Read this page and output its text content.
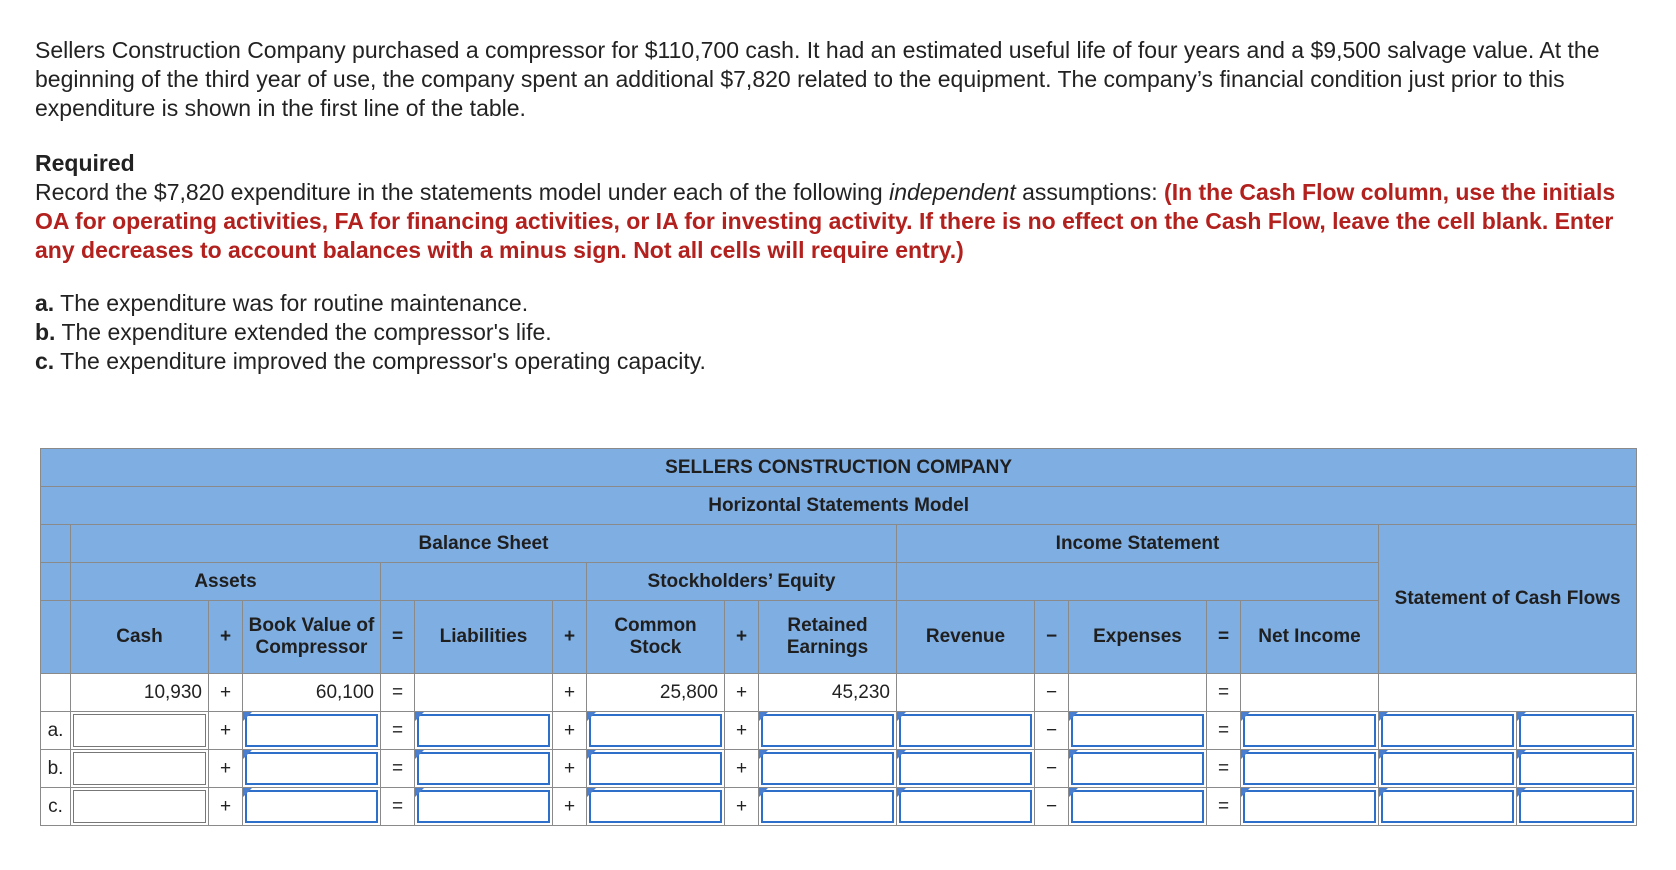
Sellers Construction Company purchased a compressor for $110,700 cash. It had an estimated useful life of four years and a $9,500 salvage value. At the beginning of the third year of use, the company spent an additional $7,820 related to the equipment. The company’s financial condition just prior to this expenditure is shown in the first line of the table.

Required

Record the $7,820 expenditure in the statements model under each of the following independent assumptions: (In the Cash Flow column, use the initials OA for operating activities, FA for financing activities, or IA for investing activity. If there is no effect on the Cash Flow, leave the cell blank. Enter any decreases to account balances with a minus sign. Not all cells will require entry.)

a. The expenditure was for routine maintenance.
b. The expenditure extended the compressor's life.
c. The expenditure improved the compressor's operating capacity.
SELLERS CONSTRUCTION COMPANY																
Horizontal Statements Model																
	Balance Sheet									Income Statement					Statement of Cash Flows	
	Assets						Stockholders’ Equity									
	Cash	+	Book Value of Compressor	=	Liabilities	+	Common Stock	+	Retained Earnings	Revenue	−	Expenses	=	Net Income		
	10,930	+	60,100	=		+	25,800	+	45,230		−		=			
a.		+		=		+		+			−		=	

b.		+		=		+		+			−		=	

c.		+		=		+		+			−		=	
